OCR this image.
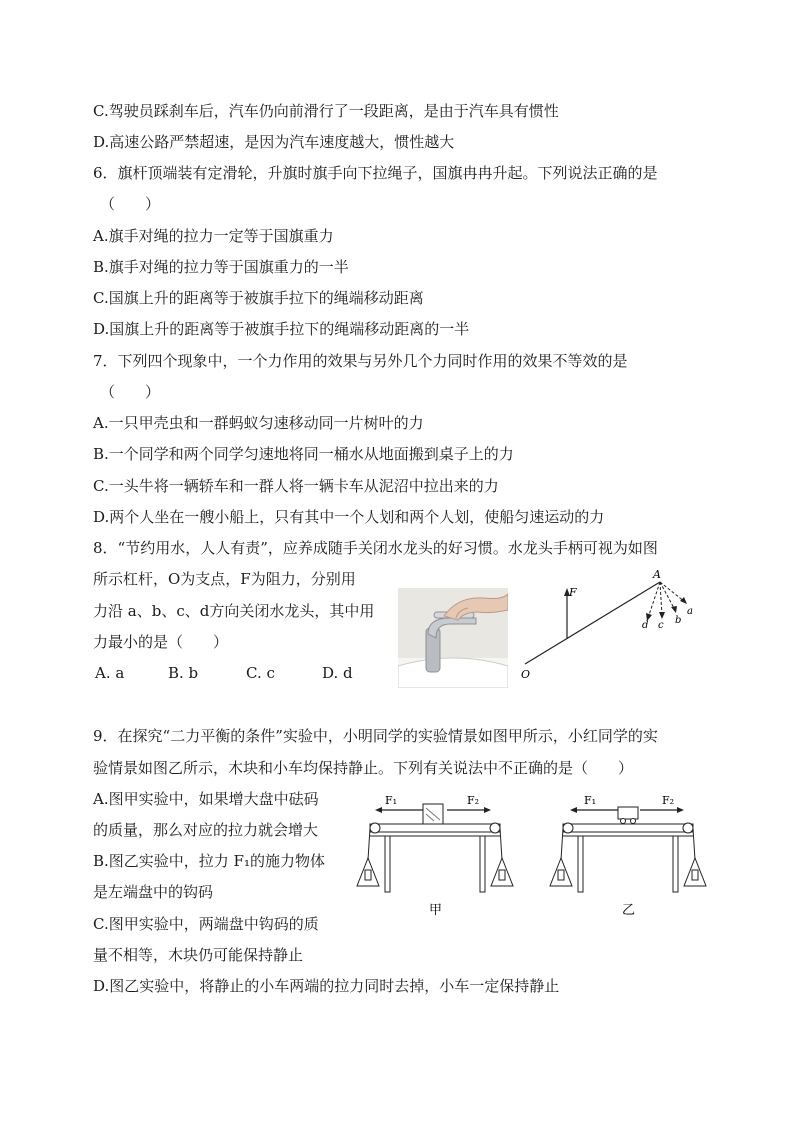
C.驾驶员踩刹车后，汽车仍向前滑行了一段距离，是由于汽车具有惯性
D.高速公路严禁超速，是因为汽车速度越大，惯性越大
6．旗杆顶端装有定滑轮，升旗时旗手向下拉绳子，国旗冉冉升起。下列说法正确的是
（　　）
A.旗手对绳的拉力一定等于国旗重力
B.旗手对绳的拉力等于国旗重力的一半
C.国旗上升的距离等于被旗手拉下的绳端移动距离
D.国旗上升的距离等于被旗手拉下的绳端移动距离的一半
7．下列四个现象中，一个力作用的效果与另外几个力同时作用的效果不等效的是
（　　）
A.一只甲壳虫和一群蚂蚁匀速移动同一片树叶的力
B.一个同学和两个同学匀速地将同一桶水从地面搬到桌子上的力
C.一头牛将一辆轿车和一群人将一辆卡车从泥沼中拉出来的力
D.两个人坐在一艘小船上，只有其中一个人划和两个人划，使船匀速运动的力
8．“节约用水，人人有责”，应养成随手关闭水龙头的好习惯。水龙头手柄可视为如图
所示杠杆，O为支点，F为阻力，分别用
力沿 a、b、c、d方向关闭水龙头，其中用
力最小的是（　　）
A. a	B. b	C. c	D. d
F
O
A
a
b
c
d
9．在探究“二力平衡的条件”实验中，小明同学的实验情景如图甲所示，小红同学的实
验情景如图乙所示，木块和小车均保持静止。下列有关说法中不正确的是（　　）
A.图甲实验中，如果增大盘中砝码
的质量，那么对应的拉力就会增大
B.图乙实验中，拉力 F₁的施力物体
是左端盘中的钩码
C.图甲实验中，两端盘中钩码的质
量不相等，木块仍可能保持静止
D.图乙实验中，将静止的小车两端的拉力同时去掉，小车一定保持静止
F₁	F₂
甲
F₁	F₂
乙
